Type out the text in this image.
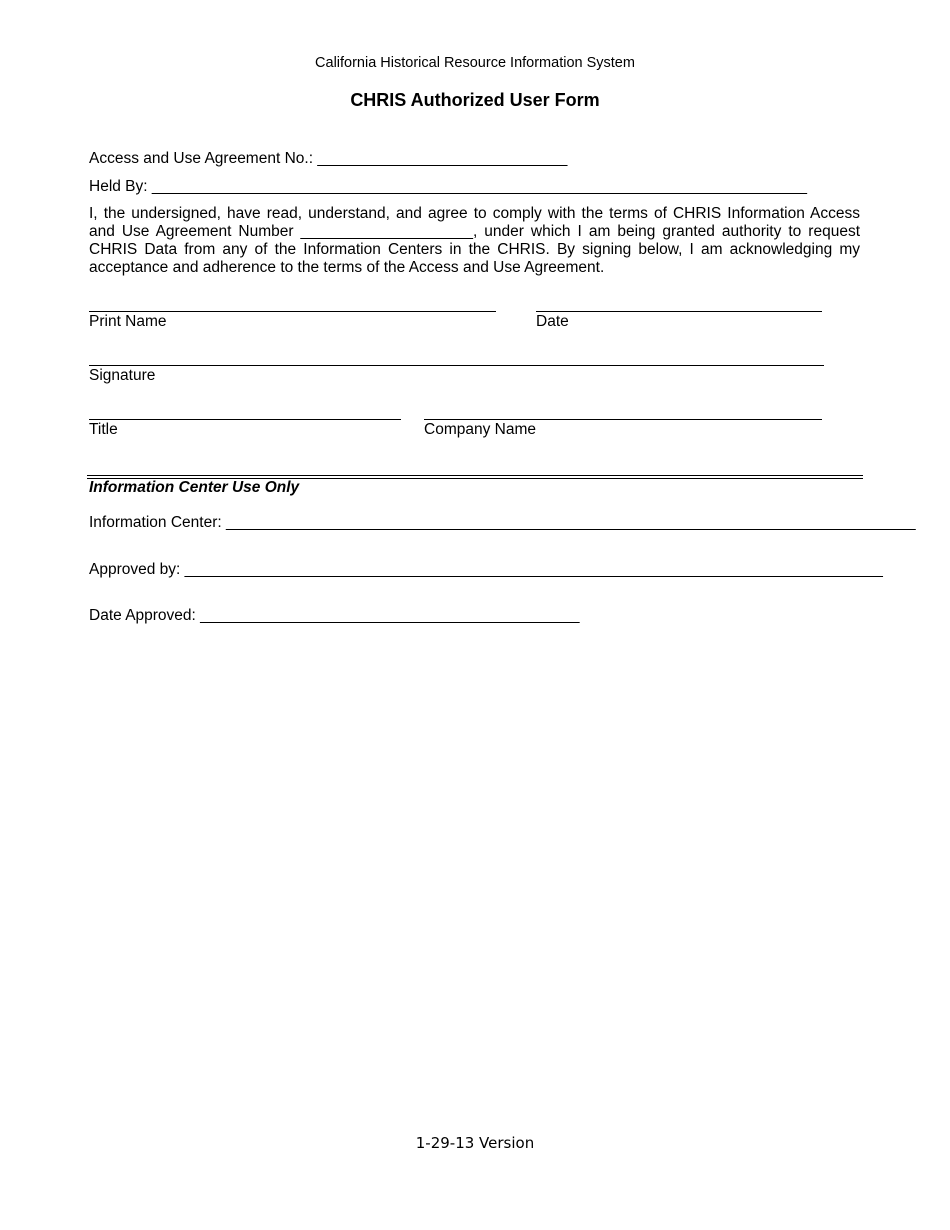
California Historical Resource Information System
CHRIS Authorized User Form
Access and Use Agreement No.: _____________________________
Held By: ____________________________________________________________________________
I, the undersigned, have read, understand, and agree to comply with the terms of CHRIS Information Access and Use Agreement Number ____________________, under which I am being granted authority to request CHRIS Data from any of the Information Centers in the CHRIS. By signing below, I am acknowledging my acceptance and adherence to the terms of the Access and Use Agreement.
Print Name	Date
Signature
Title	Company Name
Information Center Use Only
Information Center: ________________________________________________________________________________
Approved by: _________________________________________________________________________________
Date Approved: ____________________________________________
1-29-13 Version
